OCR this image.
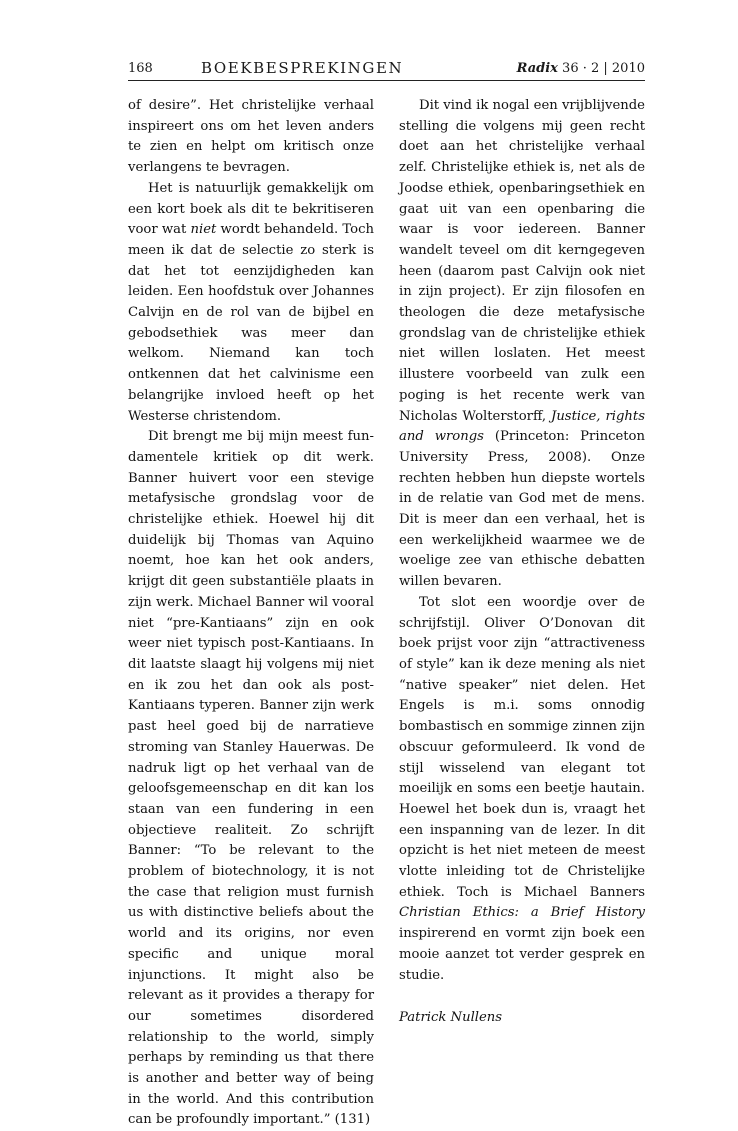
168	BOEKBESPREKINGEN	Radix 36 · 2 | 2010

of desire”. Het christelijke verhaal inspireert ons om het leven anders te zien en helpt om kritisch onze verlangens te bevragen.

Het is natuurlijk gemakkelijk om een kort boek als dit te bekritiseren voor wat niet wordt behandeld. Toch meen ik dat de selectie zo sterk is dat het tot eenzijdigheden kan leiden. Een hoofdstuk over Johannes Calvijn en de rol van de bijbel en gebodsethiek was meer dan welkom. Niemand kan toch ontkennen dat het calvinisme een belangrijke invloed heeft op het Westerse christendom.

Dit brengt me bij mijn meest fundamentele kritiek op dit werk. Banner huivert voor een stevige metafysische grondslag voor de christelijke ethiek. Hoewel hij dit duidelijk bij Thomas van Aquino noemt, hoe kan het ook anders, krijgt dit geen substantiële plaats in zijn werk. Michael Banner wil vooral niet “pre-Kantiaans” zijn en ook weer niet typisch post-Kantiaans. In dit laatste slaagt hij volgens mij niet en ik zou het dan ook als post-Kantiaans typeren. Banner zijn werk past heel goed bij de narratieve stroming van Stanley Hauerwas. De nadruk ligt op het verhaal van de geloofsgemeenschap en dit kan los staan van een fundering in een objectieve realiteit. Zo schrijft Banner: “To be relevant to the problem of biotechnology, it is not the case that religion must furnish us with distinctive beliefs about the world and its origins, nor even specific and unique moral injunctions. It might also be relevant as it provides a therapy for our sometimes disordered relationship to the world, simply perhaps by reminding us that there is another and better way of being in the world. And this contribution can be profoundly important.” (131)

Dit vind ik nogal een vrijblijvende stelling die volgens mij geen recht doet aan het christelijke verhaal zelf. Christelijke ethiek is, net als de Joodse ethiek, openbaringsethiek en gaat uit van een openbaring die waar is voor iedereen. Banner wandelt teveel om dit kerngegeven heen (daarom past Calvijn ook niet in zijn project). Er zijn filosofen en theologen die deze metafysische grondslag van de christelijke ethiek niet willen loslaten. Het meest illustere voorbeeld van zulk een poging is het recente werk van Nicholas Wolterstorff, Justice, rights and wrongs (Princeton: Princeton University Press, 2008). Onze rechten hebben hun diepste wortels in de relatie van God met de mens. Dit is meer dan een verhaal, het is een werkelijkheid waarmee we de woelige zee van ethische debatten willen bevaren.

Tot slot een woordje over de schrijfstijl. Oliver O’Donovan dit boek prijst voor zijn “attractiveness of style” kan ik deze mening als niet “native speaker” niet delen. Het Engels is m.i. soms onnodig bombastisch en sommige zinnen zijn obscuur geformuleerd. Ik vond de stijl wisselend van elegant tot moeilijk en soms een beetje hautain. Hoewel het boek dun is, vraagt het een inspanning van de lezer. In dit opzicht is het niet meteen de meest vlotte inleiding tot de Christelijke ethiek. Toch is Michael Banners Christian Ethics: a Brief History inspirerend en vormt zijn boek een mooie aanzet tot verder gesprek en studie.

Patrick Nullens
